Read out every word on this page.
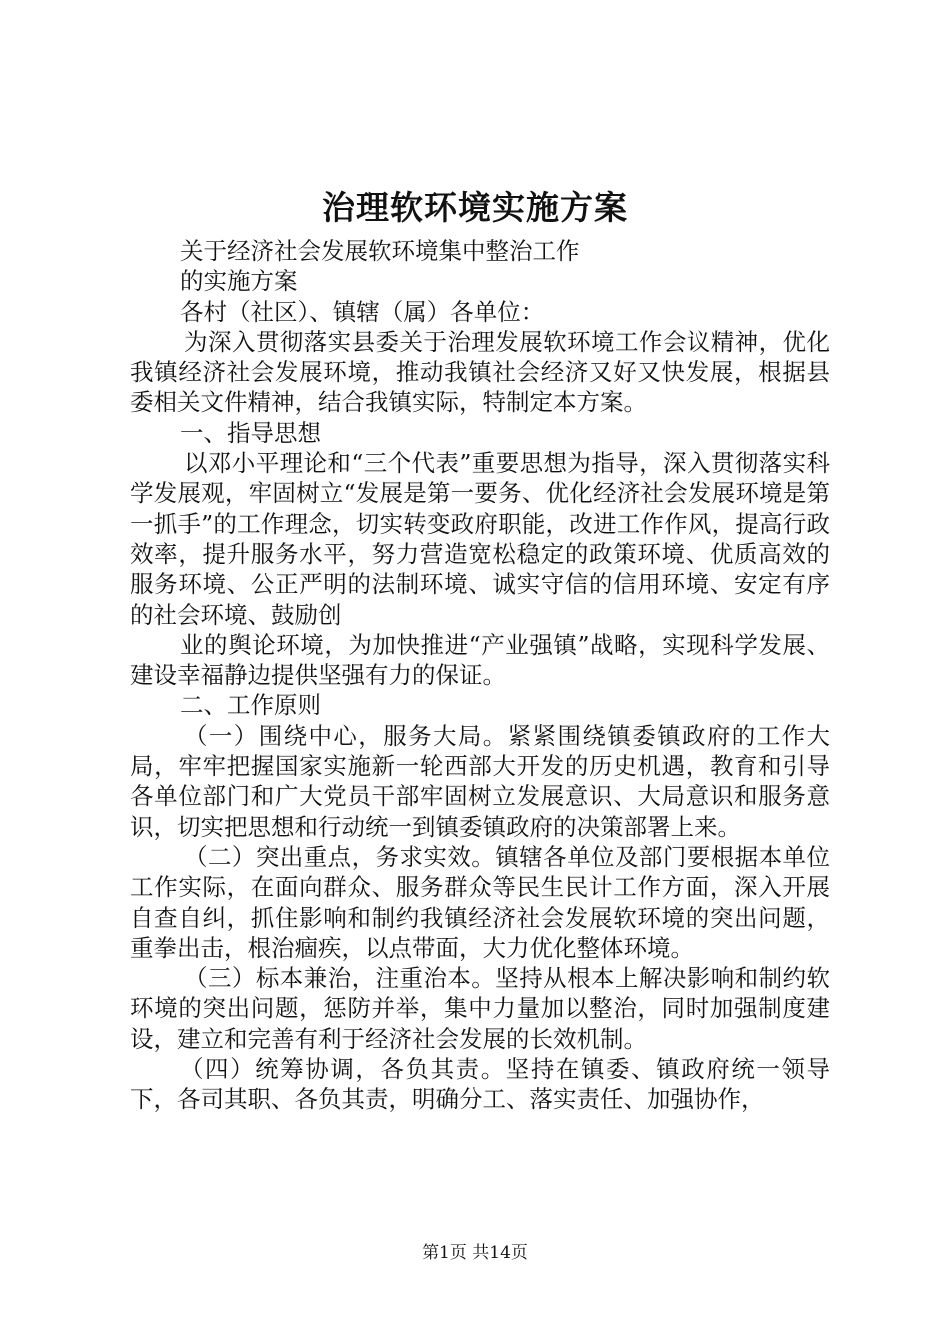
治理软环境实施方案

关于经济社会发展软环境集中整治工作

的实施方案

各村（社区）、镇辖（属）各单位：

为深入贯彻落实县委关于治理发展软环境工作会议精神，优化我镇经济社会发展环境，推动我镇社会经济又好又快发展，根据县委相关文件精神，结合我镇实际，特制定本方案。

一、指导思想

以邓小平理论和“三个代表”重要思想为指导，深入贯彻落实科学发展观，牢固树立“发展是第一要务、优化经济社会发展环境是第一抓手”的工作理念，切实转变政府职能，改进工作作风，提高行政效率，提升服务水平，努力营造宽松稳定的政策环境、优质高效的服务环境、公正严明的法制环境、诚实守信的信用环境、安定有序的社会环境、鼓励创

业的舆论环境，为加快推进“产业强镇”战略，实现科学发展、建设幸福静边提供坚强有力的保证。

二、工作原则

（一）围绕中心，服务大局。紧紧围绕镇委镇政府的工作大局，牢牢把握国家实施新一轮西部大开发的历史机遇，教育和引导各单位部门和广大党员干部牢固树立发展意识、大局意识和服务意识，切实把思想和行动统一到镇委镇政府的决策部署上来。

（二）突出重点，务求实效。镇辖各单位及部门要根据本单位工作实际，在面向群众、服务群众等民生民计工作方面，深入开展自查自纠，抓住影响和制约我镇经济社会发展软环境的突出问题，重拳出击，根治痼疾，以点带面，大力优化整体环境。

（三）标本兼治，注重治本。坚持从根本上解决影响和制约软环境的突出问题，惩防并举，集中力量加以整治，同时加强制度建设，建立和完善有利于经济社会发展的长效机制。

（四）统筹协调，各负其责。坚持在镇委、镇政府统一领导下，各司其职、各负其责，明确分工、落实责任、加强协作，

第1页 共14页
